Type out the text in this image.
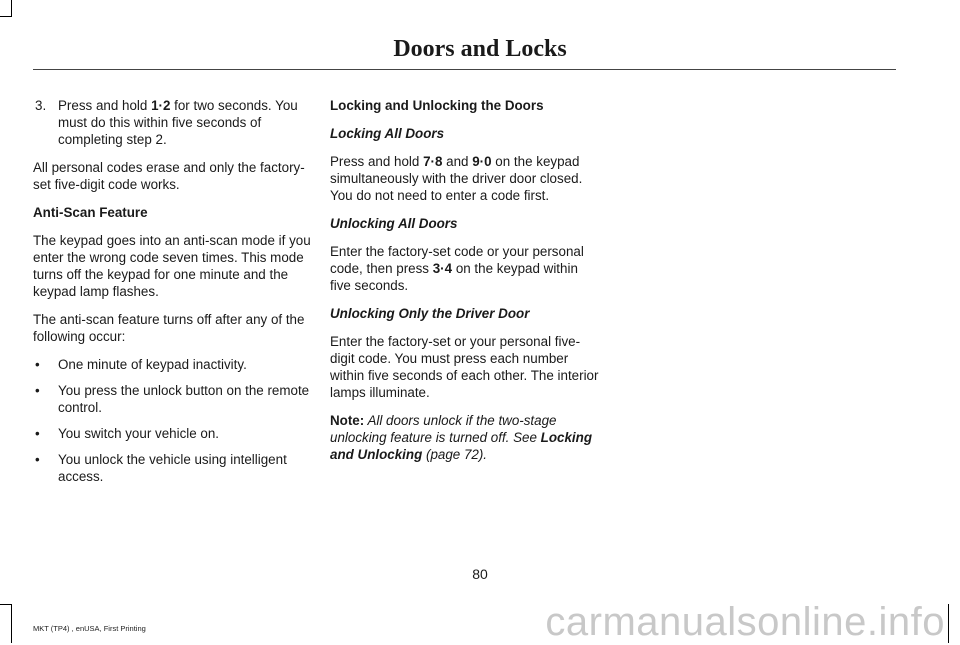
Doors and Locks
3. Press and hold 1·2 for two seconds. You must do this within five seconds of completing step 2.

All personal codes erase and only the factory-set five-digit code works.

Anti-Scan Feature

The keypad goes into an anti-scan mode if you enter the wrong code seven times. This mode turns off the keypad for one minute and the keypad lamp flashes.

The anti-scan feature turns off after any of the following occur:

• One minute of keypad inactivity.
• You press the unlock button on the remote control.
• You switch your vehicle on.
• You unlock the vehicle using intelligent access.

Locking and Unlocking the Doors

Locking All Doors

Press and hold 7·8 and 9·0 on the keypad simultaneously with the driver door closed. You do not need to enter a code first.

Unlocking All Doors

Enter the factory-set code or your personal code, then press 3·4 on the keypad within five seconds.

Unlocking Only the Driver Door

Enter the factory-set or your personal five-digit code. You must press each number within five seconds of each other. The interior lamps illuminate.

Note: All doors unlock if the two-stage unlocking feature is turned off. See Locking and Unlocking (page 72).

80
MKT (TP4) , enUSA, First Printing	carmanualsonline.info
